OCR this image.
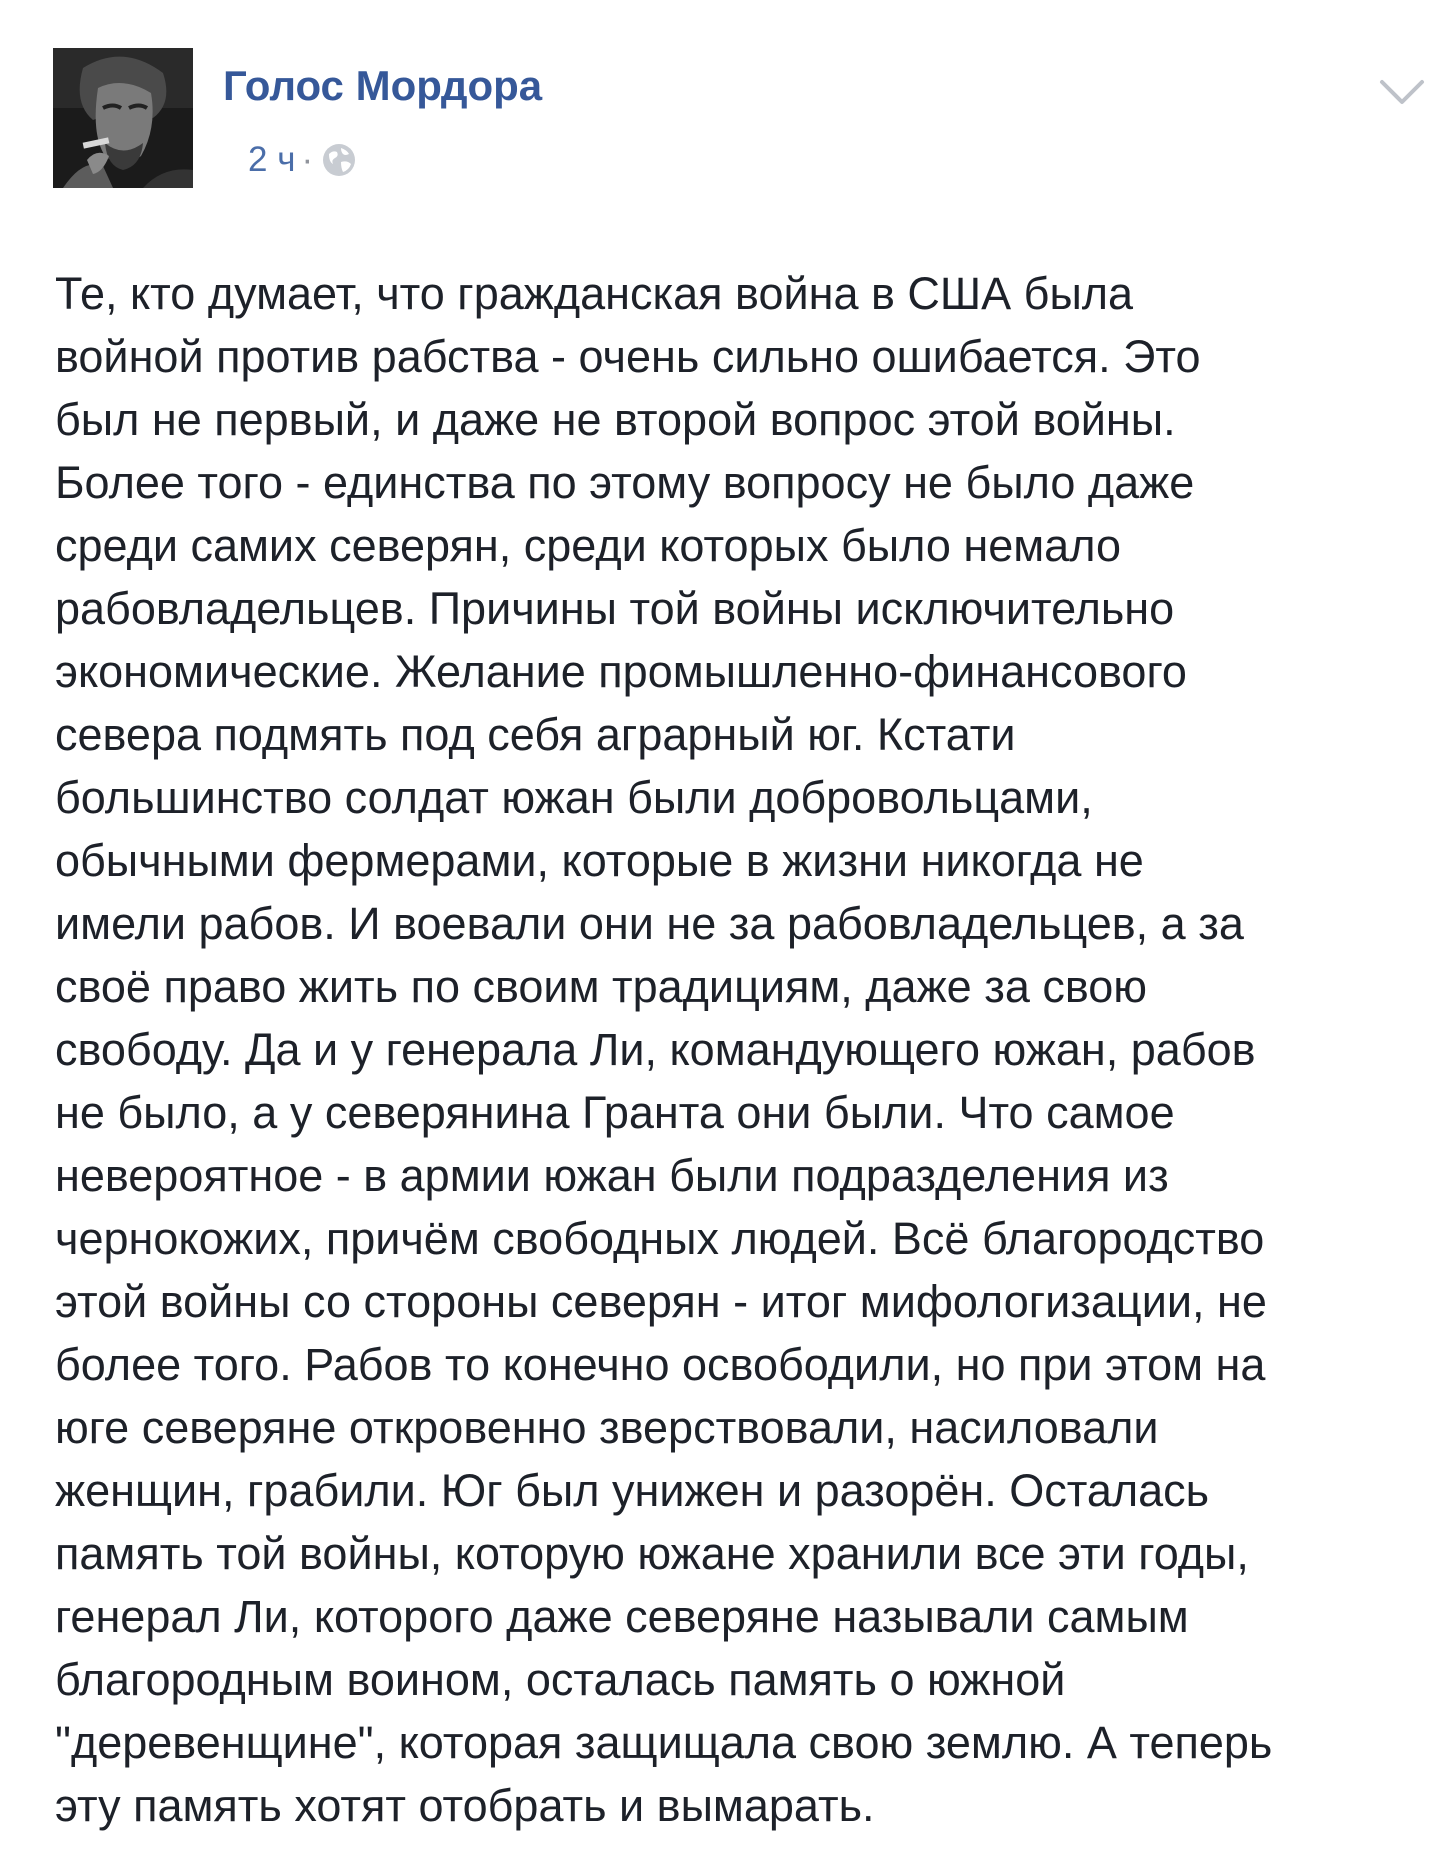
Голос Мордора
2 ч ·

Те, кто думает, что гражданская война в США была
войной против рабства - очень сильно ошибается. Это
был не первый, и даже не второй вопрос этой войны.
Более того - единства по этому вопросу не было даже
среди самих северян, среди которых было немало
рабовладельцев. Причины той войны исключительно
экономические. Желание промышленно-финансового
севера подмять под себя аграрный юг. Кстати
большинство солдат южан были добровольцами,
обычными фермерами, которые в жизни никогда не
имели рабов. И воевали они не за рабовладельцев, а за
своё право жить по своим традициям, даже за свою
свободу. Да и у генерала Ли, командующего южан, рабов
не было, а у северянина Гранта они были. Что самое
невероятное - в армии южан были подразделения из
чернокожих, причём свободных людей. Всё благородство
этой войны со стороны северян - итог мифологизации, не
более того. Рабов то конечно освободили, но при этом на
юге северяне откровенно зверствовали, насиловали
женщин, грабили. Юг был унижен и разорён. Осталась
память той войны, которую южане хранили все эти годы,
генерал Ли, которого даже северяне называли самым
благородным воином, осталась память о южной
"деревенщине", которая защищала свою землю. А теперь
эту память хотят отобрать и вымарать.
